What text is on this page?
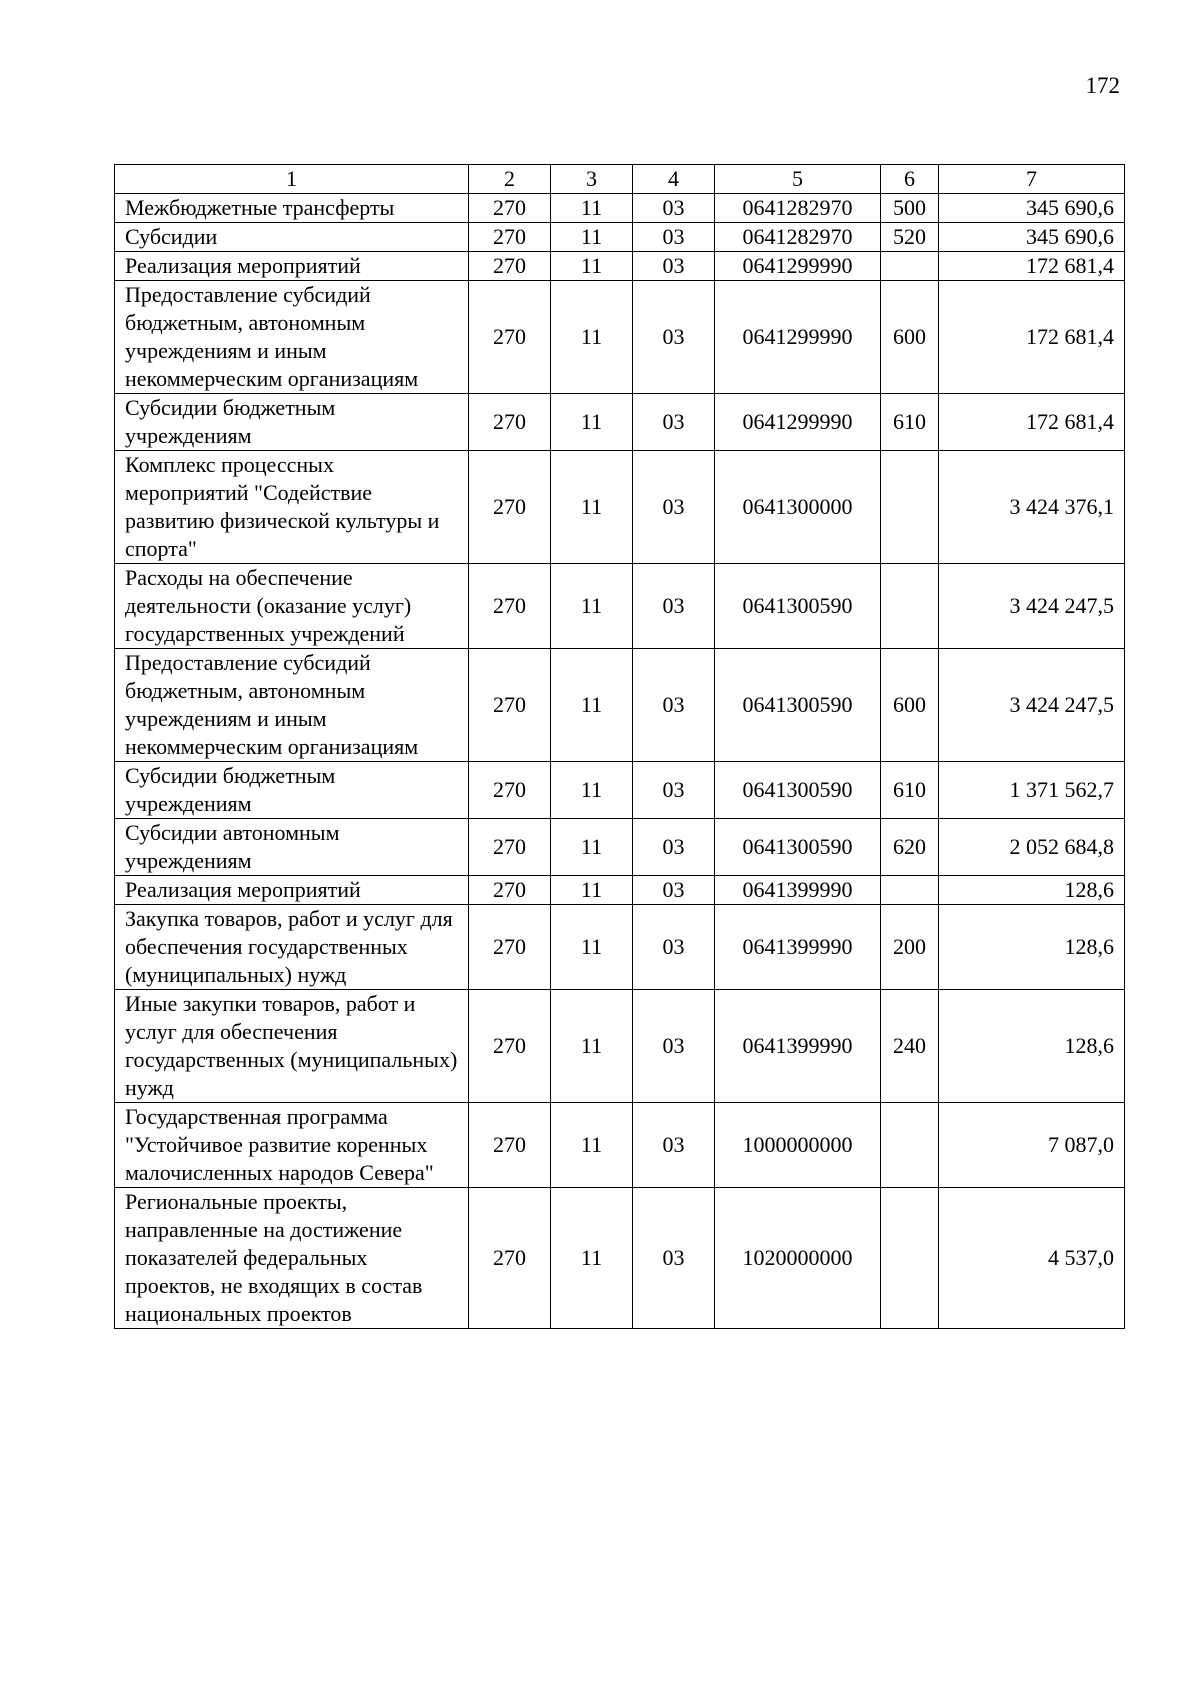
172
1	2	3	4	5	6	7
Межбюджетные трансферты	270	11	03	0641282970	500	345 690,6
Субсидии	270	11	03	0641282970	520	345 690,6
Реализация мероприятий	270	11	03	0641299990		172 681,4
Предоставление субсидий бюджетным, автономным учреждениям и иным некоммерческим организациям	270	11	03	0641299990	600	172 681,4
Субсидии бюджетным учреждениям	270	11	03	0641299990	610	172 681,4
Комплекс процессных мероприятий "Содействие развитию физической культуры и спорта"	270	11	03	0641300000		3 424 376,1
Расходы на обеспечение деятельности (оказание услуг) государственных учреждений	270	11	03	0641300590		3 424 247,5
Предоставление субсидий бюджетным, автономным учреждениям и иным некоммерческим организациям	270	11	03	0641300590	600	3 424 247,5
Субсидии бюджетным учреждениям	270	11	03	0641300590	610	1 371 562,7
Субсидии автономным учреждениям	270	11	03	0641300590	620	2 052 684,8
Реализация мероприятий	270	11	03	0641399990		128,6
Закупка товаров, работ и услуг для обеспечения государственных (муниципальных) нужд	270	11	03	0641399990	200	128,6
Иные закупки товаров, работ и услуг для обеспечения государственных (муниципальных) нужд	270	11	03	0641399990	240	128,6
Государственная программа "Устойчивое развитие коренных малочисленных народов Севера"	270	11	03	1000000000		7 087,0
Региональные проекты, направленные на достижение показателей федеральных проектов, не входящих в состав национальных проектов	270	11	03	1020000000		4 537,0
